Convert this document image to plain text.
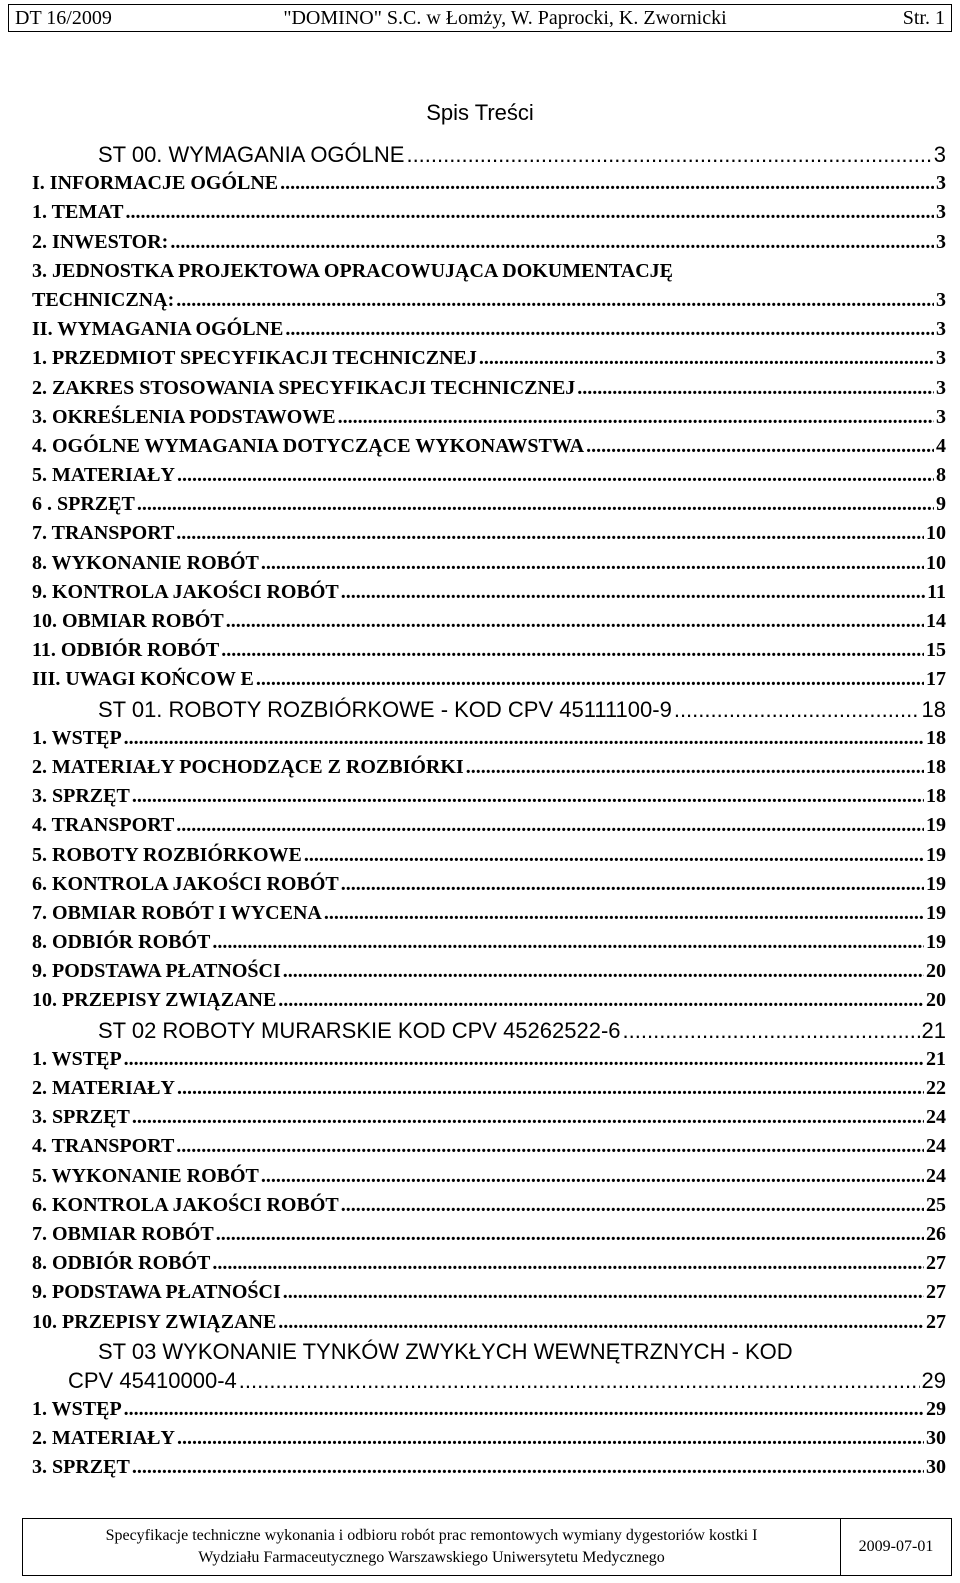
DT 16/2009	"DOMINO" S.C. w Łomży, W. Paprocki, K. Zwornicki	Str. 1
Spis Treści
ST 00. WYMAGANIA OGÓLNE .....	3
I. INFORMACJE OGÓLNE .....	3
1. TEMAT .....	3
2. INWESTOR: .....	3
3. JEDNOSTKA PROJEKTOWA OPRACOWUJĄCA DOKUMENTACJĘ
TECHNICZNĄ: .....	3
II. WYMAGANIA OGÓLNE .....	3
1. PRZEDMIOT SPECYFIKACJI TECHNICZNEJ .....	3
2. ZAKRES STOSOWANIA SPECYFIKACJI TECHNICZNEJ .....	3
3. OKREŚLENIA PODSTAWOWE .....	3
4. OGÓLNE WYMAGANIA DOTYCZĄCE WYKONAWSTWA .....	4
5. MATERIAŁY .....	8
6 . SPRZĘT .....	9
7. TRANSPORT .....	10
8. WYKONANIE ROBÓT .....	10
9. KONTROLA JAKOŚCI ROBÓT .....	11
10. OBMIAR ROBÓT .....	14
11. ODBIÓR ROBÓT .....	15
III. UWAGI KOŃCOW E .....	17
ST 01. ROBOTY ROZBIÓRKOWE - KOD CPV 45111100-9 .....	18
1. WSTĘP .....	18
2. MATERIAŁY POCHODZĄCE Z ROZBIÓRKI .....	18
3. SPRZĘT .....	18
4. TRANSPORT .....	19
5. ROBOTY ROZBIÓRKOWE .....	19
6. KONTROLA JAKOŚCI ROBÓT .....	19
7. OBMIAR ROBÓT I WYCENA .....	19
8. ODBIÓR ROBÓT .....	19
9. PODSTAWA PŁATNOŚCI .....	20
10. PRZEPISY ZWIĄZANE .....	20
ST 02 ROBOTY MURARSKIE KOD CPV 45262522-6 .....	21
1. WSTĘP .....	21
2. MATERIAŁY .....	22
3. SPRZĘT .....	24
4. TRANSPORT .....	24
5. WYKONANIE ROBÓT .....	24
6. KONTROLA JAKOŚCI ROBÓT .....	25
7. OBMIAR ROBÓT .....	26
8. ODBIÓR ROBÓT .....	27
9. PODSTAWA PŁATNOŚCI .....	27
10. PRZEPISY ZWIĄZANE .....	27
ST 03 WYKONANIE TYNKÓW ZWYKŁYCH WEWNĘTRZNYCH - KOD
CPV 45410000-4 .....	29
1. WSTĘP .....	29
2. MATERIAŁY .....	30
3. SPRZĘT .....	30
Specyfikacje techniczne wykonania i odbioru robót prac remontowych wymiany dygestoriów kostki I
Wydziału Farmaceutycznego Warszawskiego Uniwersytetu Medycznego
2009-07-01
